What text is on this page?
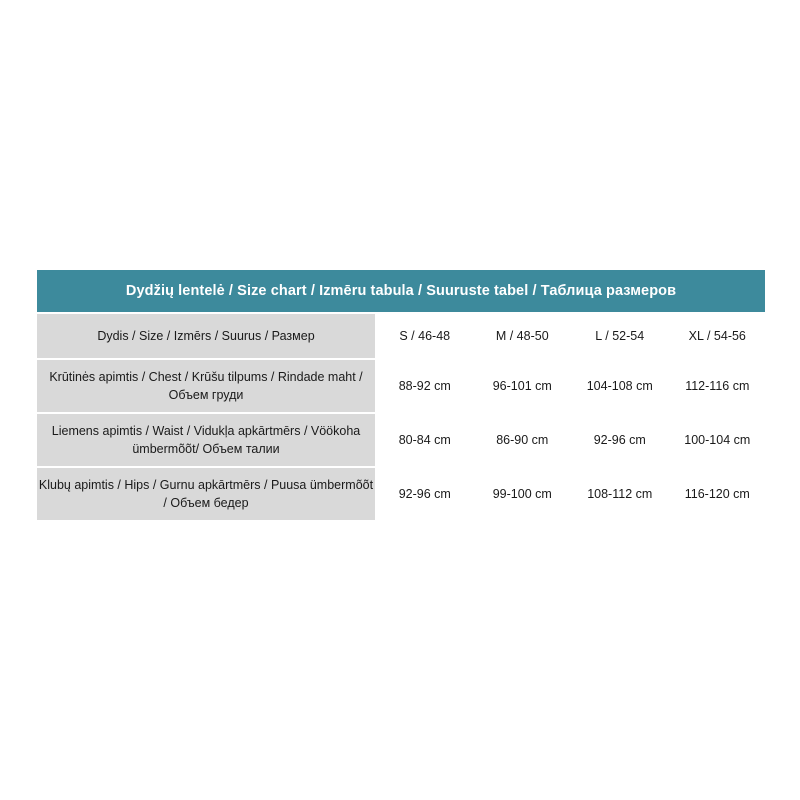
Dydžių lentelė / Size chart / Izmēru tabula / Suuruste tabel / Таблица размеров				
Dydis / Size / Izmērs / Suurus / Размер	S / 46-48	M / 48-50	L / 52-54	XL / 54-56
Krūtinės apimtis / Chest / Krūšu tilpums / Rindade maht / Объем груди	88-92 cm	96-101 cm	104-108 cm	112-116 cm
Liemens apimtis / Waist / Vidukļa apkārtmērs / Vöökoha ümbermõõt/ Объем талии	80-84 cm	86-90 cm	92-96 cm	100-104 cm
Klubų apimtis / Hips / Gurnu apkārtmērs / Puusa ümbermõõt / Объем бедер	92-96 cm	99-100 cm	108-112 cm	116-120 cm
